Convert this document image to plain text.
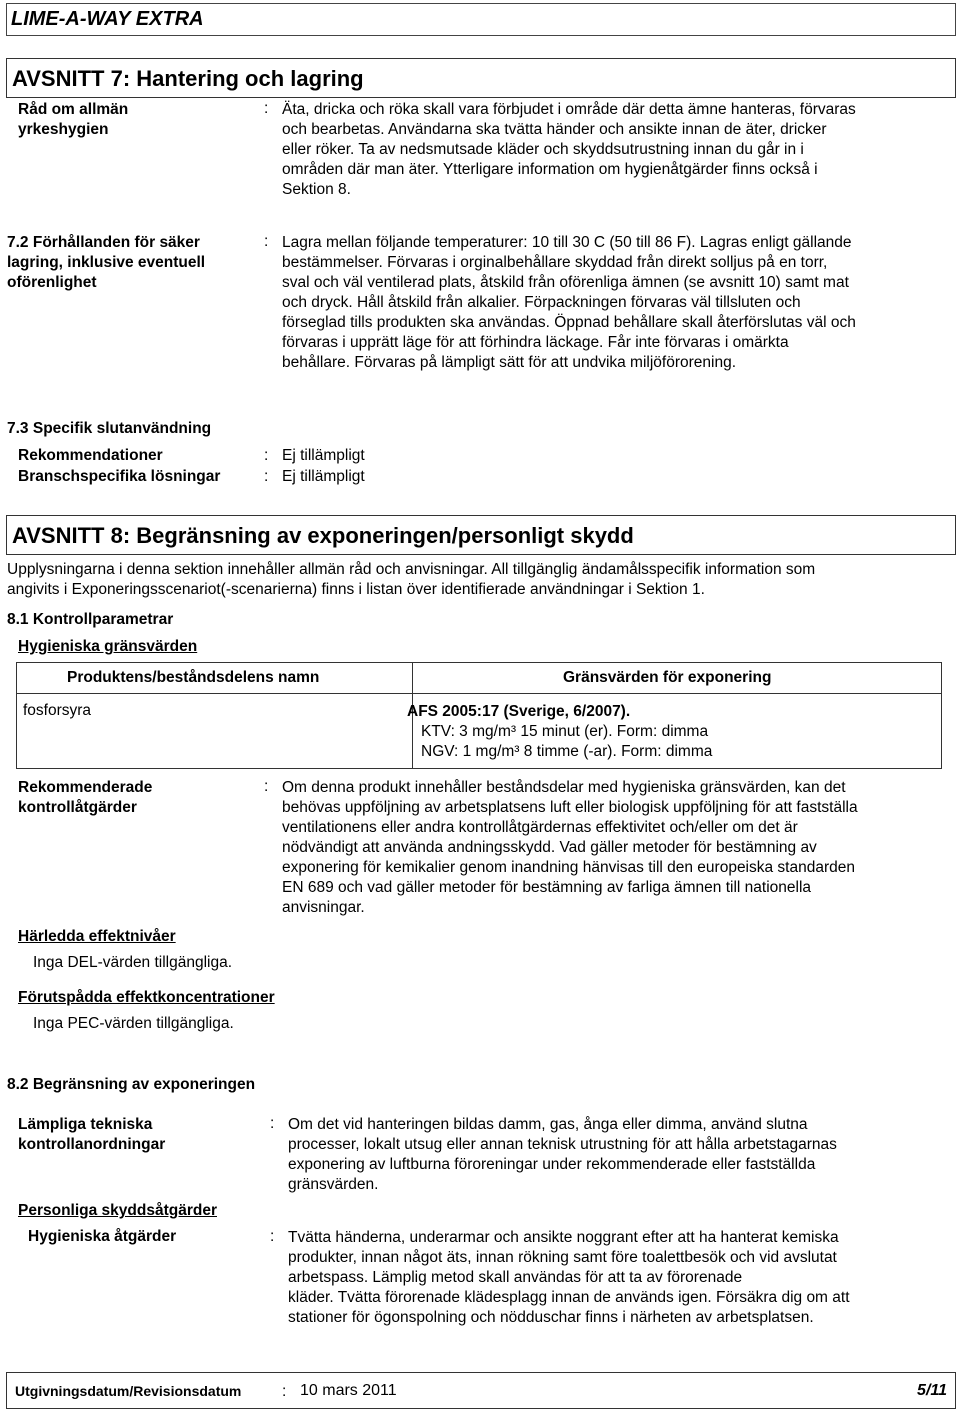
LIME-A-WAY EXTRA
AVSNITT 7: Hantering och lagring
Råd om allmän
yrkeshygien
: Äta, dricka och röka skall vara förbjudet i område där detta ämne hanteras, förvaras
och bearbetas. Användarna ska tvätta händer och ansikte innan de äter, dricker
eller röker. Ta av nedsmutsade kläder och skyddsutrustning innan du går in i
områden där man äter. Ytterligare information om hygienåtgärder finns också i
Sektion 8.
7.2 Förhållanden för säker
lagring, inklusive eventuell
oförenlighet
: Lagra mellan följande temperaturer: 10 till 30 C (50 till 86 F). Lagras enligt gällande
bestämmelser. Förvaras i orginalbehållare skyddad från direkt solljus på en torr,
sval och väl ventilerad plats, åtskild från oförenliga ämnen (se avsnitt 10) samt mat
och dryck. Håll åtskild från alkalier. Förpackningen förvaras väl tillsluten och
förseglad tills produkten ska användas. Öppnad behållare skall återförslutas väl och
förvaras i upprätt läge för att förhindra läckage. Får inte förvaras i omärkta
behållare. Förvaras på lämpligt sätt för att undvika miljöförorening.
7.3 Specifik slutanvändning
Rekommendationer	: Ej tillämpligt
Branschspecifika lösningar	: Ej tillämpligt
AVSNITT 8: Begränsning av exponeringen/personligt skydd
Upplysningarna i denna sektion innehåller allmän råd och anvisningar. All tillgänglig ändamålsspecifik information som
angivits i Exponeringsscenariot(-scenarierna) finns i listan över identifierade användningar i Sektion 1.
8.1 Kontrollparametrar
Hygieniska gränsvärden
Produktens/beståndsdelens namn	Gränsvärden för exponering

fosforsyra	AFS 2005:17 (Sverige, 6/2007).
KTV: 3 mg/m³ 15 minut (er). Form: dimma
NGV: 1 mg/m³ 8 timme (-ar). Form: dimma
Rekommenderade
kontrollåtgärder
: Om denna produkt innehåller beståndsdelar med hygieniska gränsvärden, kan det
behövas uppföljning av arbetsplatsens luft eller biologisk uppföljning för att fastställa
ventilationens eller andra kontrollåtgärdernas effektivitet och/eller om det är
nödvändigt att använda andningsskydd. Vad gäller metoder för bestämning av
exponering för kemikalier genom inandning hänvisas till den europeiska standarden
EN 689 och vad gäller metoder för bestämning av farliga ämnen till nationella
anvisningar.
Härledda effektnivåer
Inga DEL-värden tillgängliga.
Förutspådda effektkoncentrationer
Inga PEC-värden tillgängliga.
8.2 Begränsning av exponeringen
Lämpliga tekniska
kontrollanordningar
: Om det vid hanteringen bildas damm, gas, ånga eller dimma, använd slutna
processer, lokalt utsug eller annan teknisk utrustning för att hålla arbetstagarnas
exponering av luftburna föroreningar under rekommenderade eller fastställda
gränsvärden.
Personliga skyddsåtgärder
Hygieniska åtgärder	: Tvätta händerna, underarmar och ansikte noggrant efter att ha hanterat kemiska
produkter, innan något äts, innan rökning samt före toalettbesök och vid avslutat
arbetspass. Lämplig metod skall användas för att ta av förorenade
kläder. Tvätta förorenade klädesplagg innan de används igen. Försäkra dig om att
stationer för ögonspolning och nödduschar finns i närheten av arbetsplatsen.
Utgivningsdatum/Revisionsdatum	: 10 mars 2011	5/11
